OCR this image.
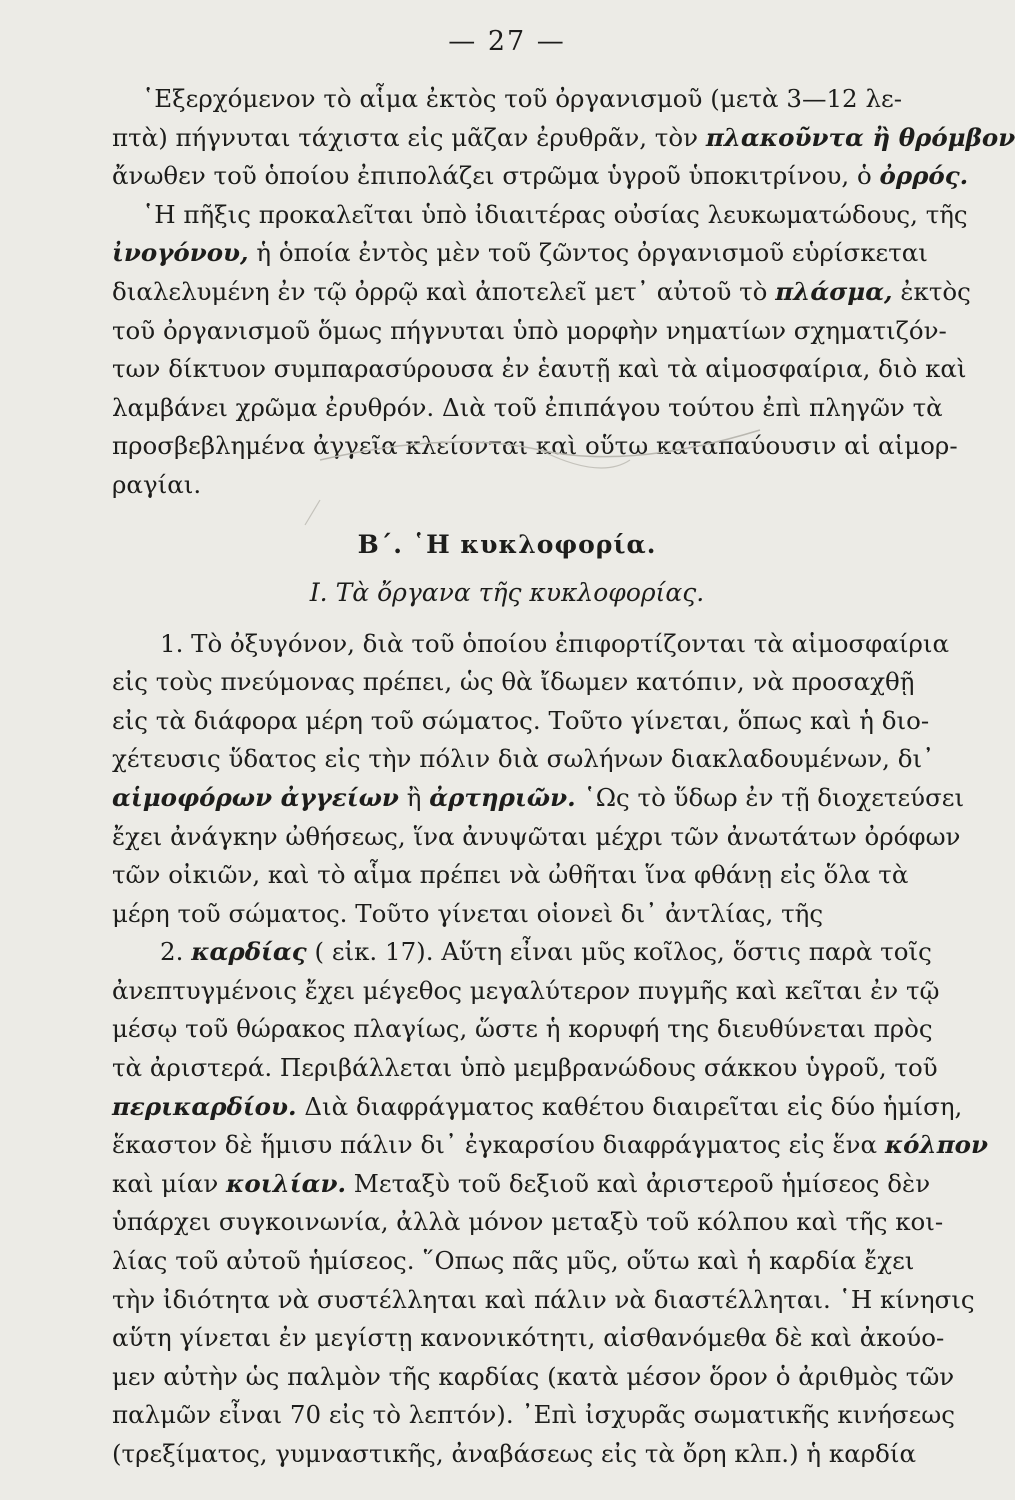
— 27 —
῾Εξερχόμενον τὸ αἷμα ἐκτὸς τοῦ ὀργανισμοῦ (μετὰ 3—12 λε-
πτὰ) πήγνυται τάχιστα εἰς μᾶζαν ἐρυθρᾶν, τὸν πλακοῦντα ἢ θρόμβον
ἄνωθεν τοῦ ὁποίου ἐπιπολάζει στρῶμα ὑγροῦ ὑποκιτρίνου, ὁ ὀρρός.
῾Η πῆξις προκαλεῖται ὑπὸ ἰδιαιτέρας οὐσίας λευκωματώδους, τῆς
ἰνογόνου, ἡ ὁποία ἐντὸς μὲν τοῦ ζῶντος ὀργανισμοῦ εὑρίσκεται
διαλελυμένη ἐν τῷ ὀρρῷ καὶ ἀποτελεῖ μετ᾽ αὐτοῦ τὸ πλάσμα, ἐκτὸς
τοῦ ὀργανισμοῦ ὅμως πήγνυται ὑπὸ μορφὴν νηματίων σχηματιζόν-
των δίκτυον συμπαρασύρουσα ἐν ἑαυτῇ καὶ τὰ αἱμοσφαίρια, διὸ καὶ
λαμβάνει χρῶμα ἐρυθρόν. Διὰ τοῦ ἐπιπάγου τούτου ἐπὶ πληγῶν τὰ
προσβεβλημένα ἀγγεῖα κλείονται καὶ οὕτω καταπαύουσιν αἱ αἱμορ-
ραγίαι.
Β΄. ῾Η κυκλοφορία.
Ι. Τὰ ὄργανα τῆς κυκλοφορίας.
1. Τὸ ὀξυγόνον, διὰ τοῦ ὁποίου ἐπιφορτίζονται τὰ αἱμοσφαίρια
εἰς τοὺς πνεύμονας πρέπει, ὡς θὰ ἴδωμεν κατόπιν, νὰ προσαχθῇ
εἰς τὰ διάφορα μέρη τοῦ σώματος. Τοῦτο γίνεται, ὅπως καὶ ἡ διο-
χέτευσις ὕδατος εἰς τὴν πόλιν διὰ σωλήνων διακλαδουμένων, δι᾽
αἱμοφόρων ἀγγείων ἢ ἀρτηριῶν. ῾Ως τὸ ὕδωρ ἐν τῇ διοχετεύσει
ἔχει ἀνάγκην ὠθήσεως, ἵνα ἀνυψῶται μέχρι τῶν ἀνωτάτων ὀρόφων
τῶν οἰκιῶν, καὶ τὸ αἷμα πρέπει νὰ ὠθῆται ἵνα φθάνῃ εἰς ὅλα τὰ
μέρη τοῦ σώματος. Τοῦτο γίνεται οἱονεὶ δι᾽ ἀντλίας, τῆς
2. καρδίας ( εἰκ. 17). Αὕτη εἶναι μῦς κοῖλος, ὅστις παρὰ τοῖς
ἀνεπτυγμένοις ἔχει μέγεθος μεγαλύτερον πυγμῆς καὶ κεῖται ἐν τῷ
μέσῳ τοῦ θώρακος πλαγίως, ὥστε ἡ κορυφή της διευθύνεται πρὸς
τὰ ἀριστερά. Περιβάλλεται ὑπὸ μεμβρανώδους σάκκου ὑγροῦ, τοῦ
περικαρδίου. Διὰ διαφράγματος καθέτου διαιρεῖται εἰς δύο ἡμίση,
ἕκαστον δὲ ἥμισυ πάλιν δι᾽ ἐγκαρσίου διαφράγματος εἰς ἕνα κόλπον
καὶ μίαν κοιλίαν. Μεταξὺ τοῦ δεξιοῦ καὶ ἀριστεροῦ ἡμίσεος δὲν
ὑπάρχει συγκοινωνία, ἀλλὰ μόνον μεταξὺ τοῦ κόλπου καὶ τῆς κοι-
λίας τοῦ αὐτοῦ ἡμίσεος. ῞Οπως πᾶς μῦς, οὕτω καὶ ἡ καρδία ἔχει
τὴν ἰδιότητα νὰ συστέλληται καὶ πάλιν νὰ διαστέλληται. ῾Η κίνησις
αὕτη γίνεται ἐν μεγίστῃ κανονικότητι, αἰσθανόμεθα δὲ καὶ ἀκούο-
μεν αὐτὴν ὡς παλμὸν τῆς καρδίας (κατὰ μέσον ὅρον ὁ ἀριθμὸς τῶν
παλμῶν εἶναι 70 εἰς τὸ λεπτόν). ᾿Επὶ ἰσχυρᾶς σωματικῆς κινήσεως
(τρεξίματος, γυμναστικῆς, ἀναβάσεως εἰς τὰ ὄρη κλπ.) ἡ καρδία
